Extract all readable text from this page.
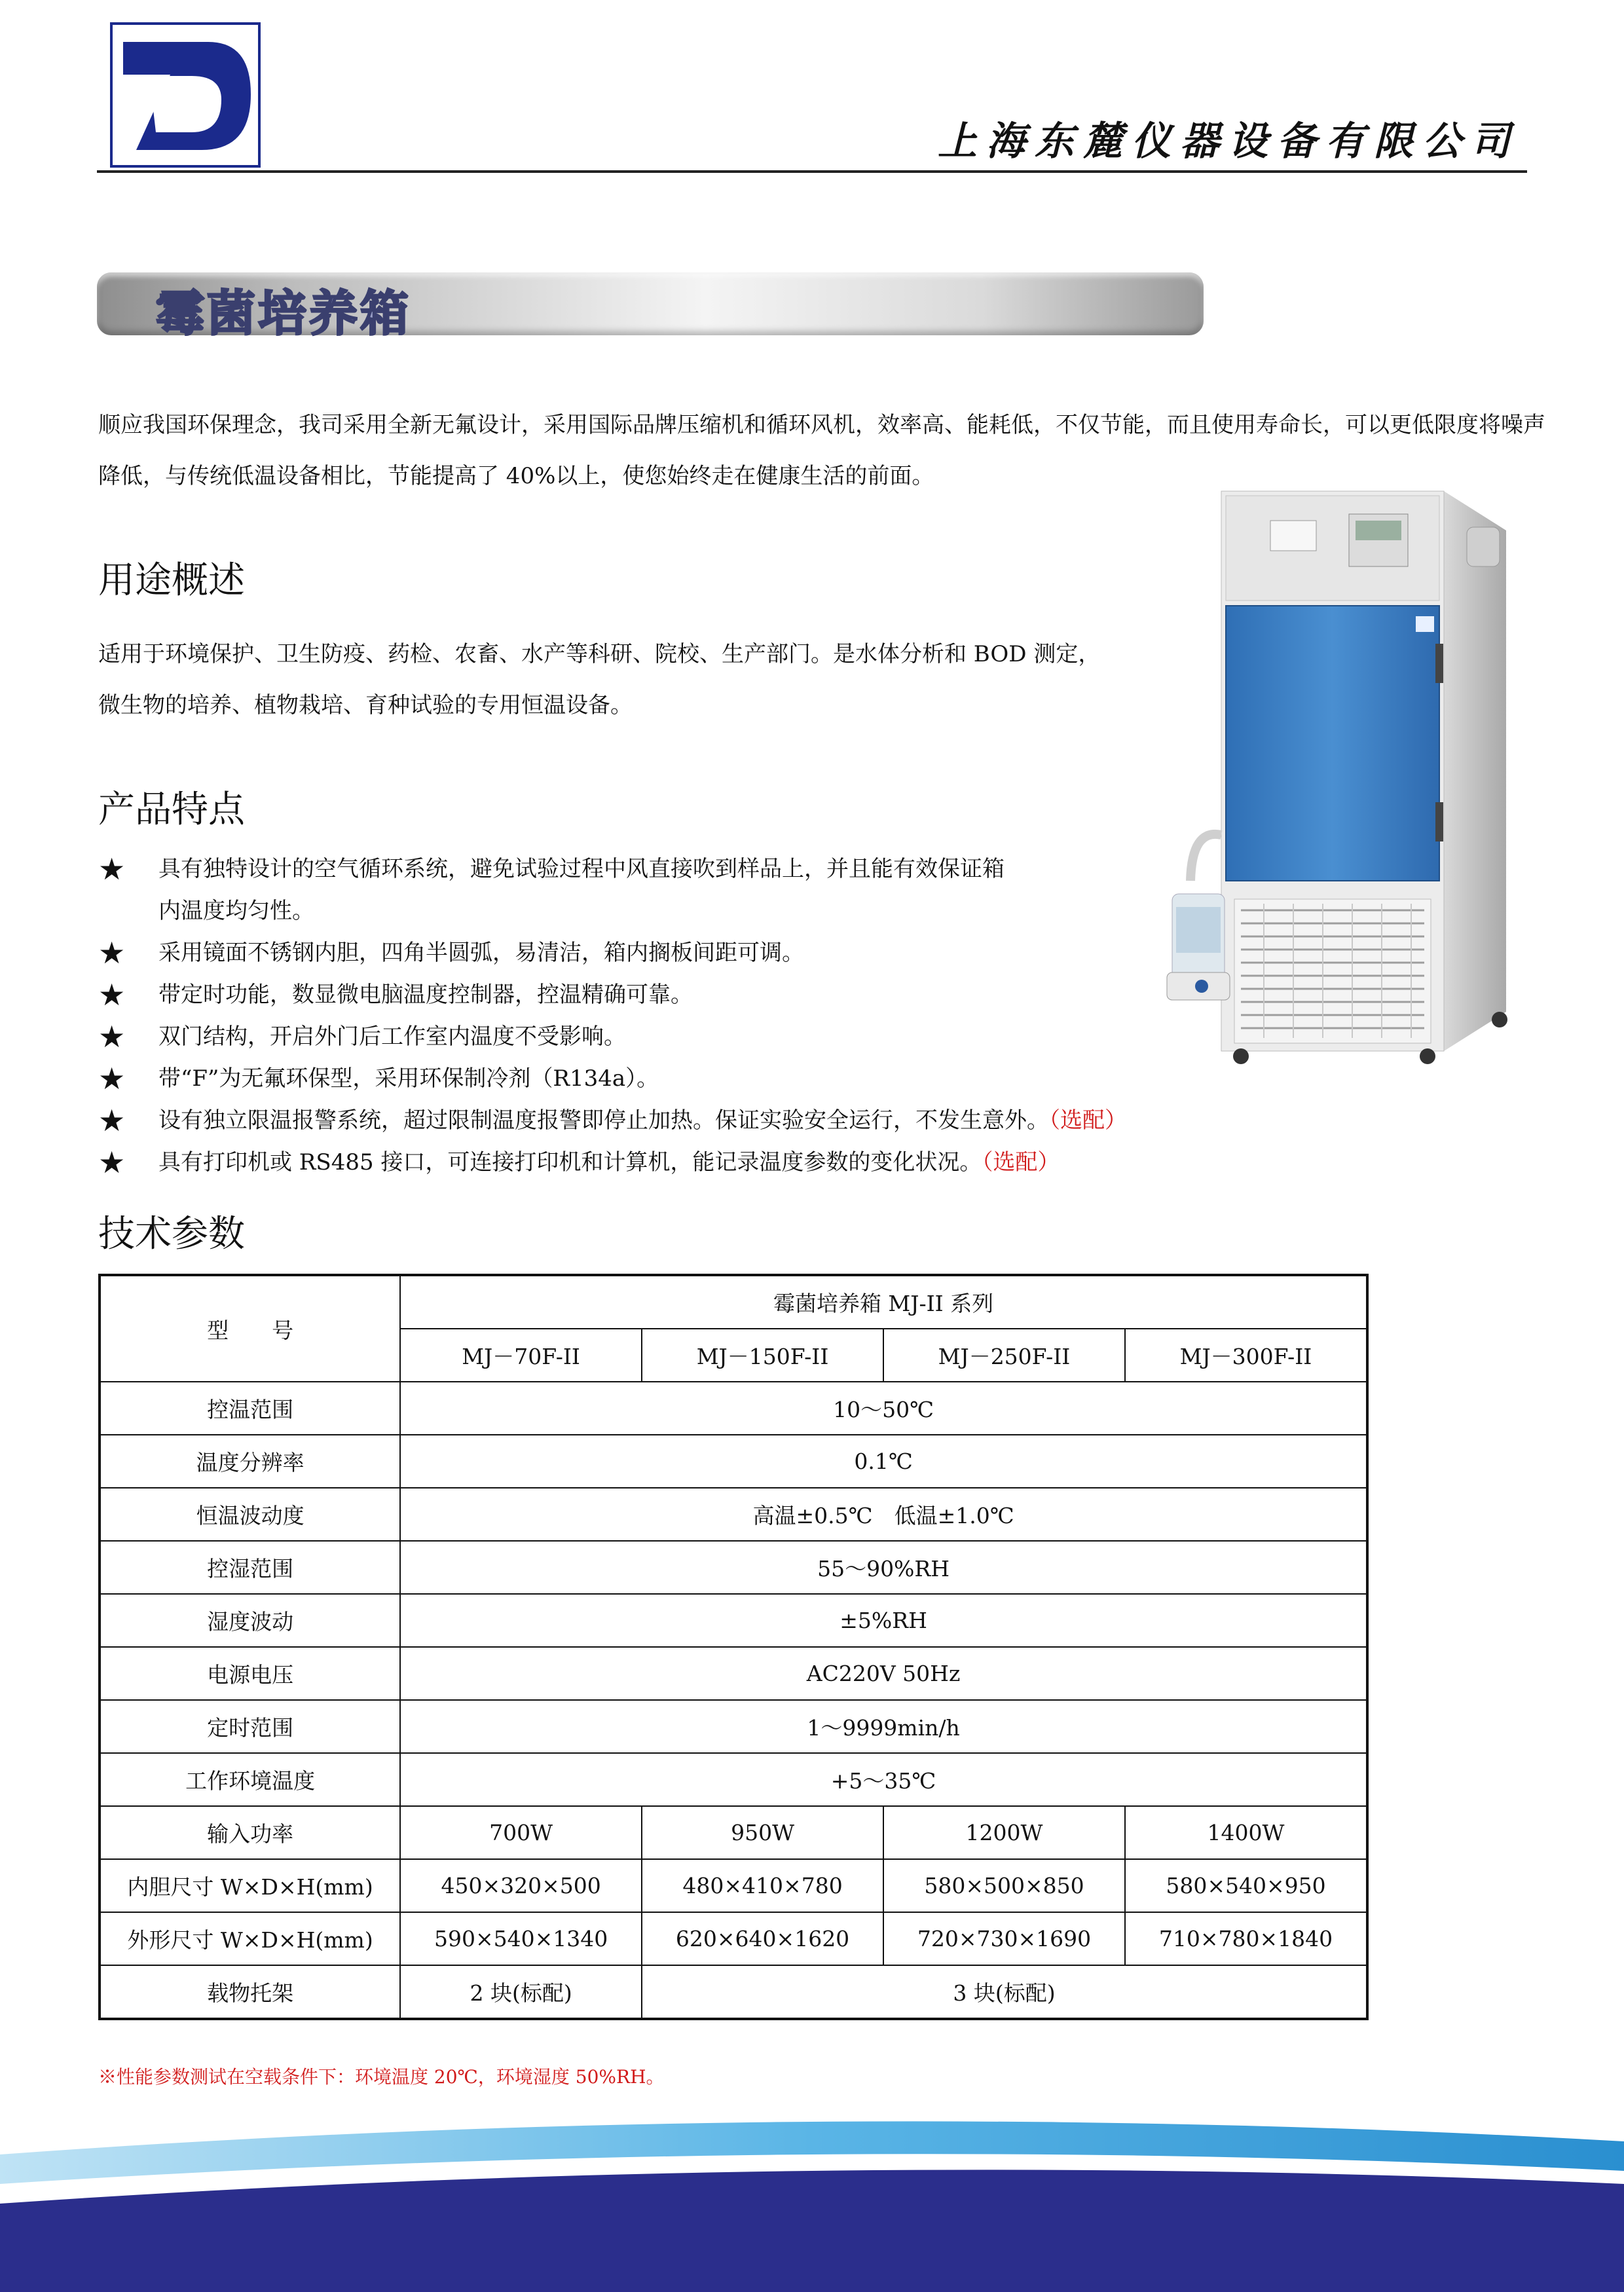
上海东麓仪器设备有限公司
霉菌培养箱
顺应我国环保理念，我司采用全新无氟设计，采用国际品牌压缩机和循环风机，效率高、能耗低，不仅节能，而且使用寿命长，可以更低限度将噪声降低，与传统低温设备相比，节能提高了 40%以上，使您始终走在健康生活的前面。
用途概述
适用于环境保护、卫生防疫、药检、农畜、水产等科研、院校、生产部门。是水体分析和 BOD 测定，微生物的培养、植物栽培、育种试验的专用恒温设备。
产品特点
★ 具有独特设计的空气循环系统，避免试验过程中风直接吹到样品上，并且能有效保证箱
内温度均匀性。
★ 采用镜面不锈钢内胆，四角半圆弧，易清洁，箱内搁板间距可调。
★ 带定时功能，数显微电脑温度控制器，控温精确可靠。
★ 双门结构，开启外门后工作室内温度不受影响。
★ 带“F”为无氟环保型，采用环保制冷剂（R134a）。
★ 设有独立限温报警系统，超过限制温度报警即停止加热。保证实验安全运行，不发生意外。（选配）
★ 具有打印机或 RS485 接口，可连接打印机和计算机，能记录温度参数的变化状况。（选配）
技术参数
型　　号	霉菌培养箱 MJ-II 系列			
	MJ－70F-II	MJ－150F-II	MJ－250F-II	MJ－300F-II
控温范围	10～50℃			
温度分辨率	0.1℃			
恒温波动度	高温±0.5℃　低温±1.0℃			
控湿范围	55～90%RH			
湿度波动	±5%RH			
电源电压	AC220V 50Hz			
定时范围	1～9999min/h			
工作环境温度	+5～35℃			
输入功率	700W	950W	1200W	1400W
内胆尺寸 W×D×H(mm)	450×320×500	480×410×780	580×500×850	580×540×950
外形尺寸 W×D×H(mm)	590×540×1340	620×640×1620	720×730×1690	710×780×1840
载物托架	2 块(标配)	3 块(标配)		
※性能参数测试在空载条件下：环境温度 20℃，环境湿度 50%RH。
